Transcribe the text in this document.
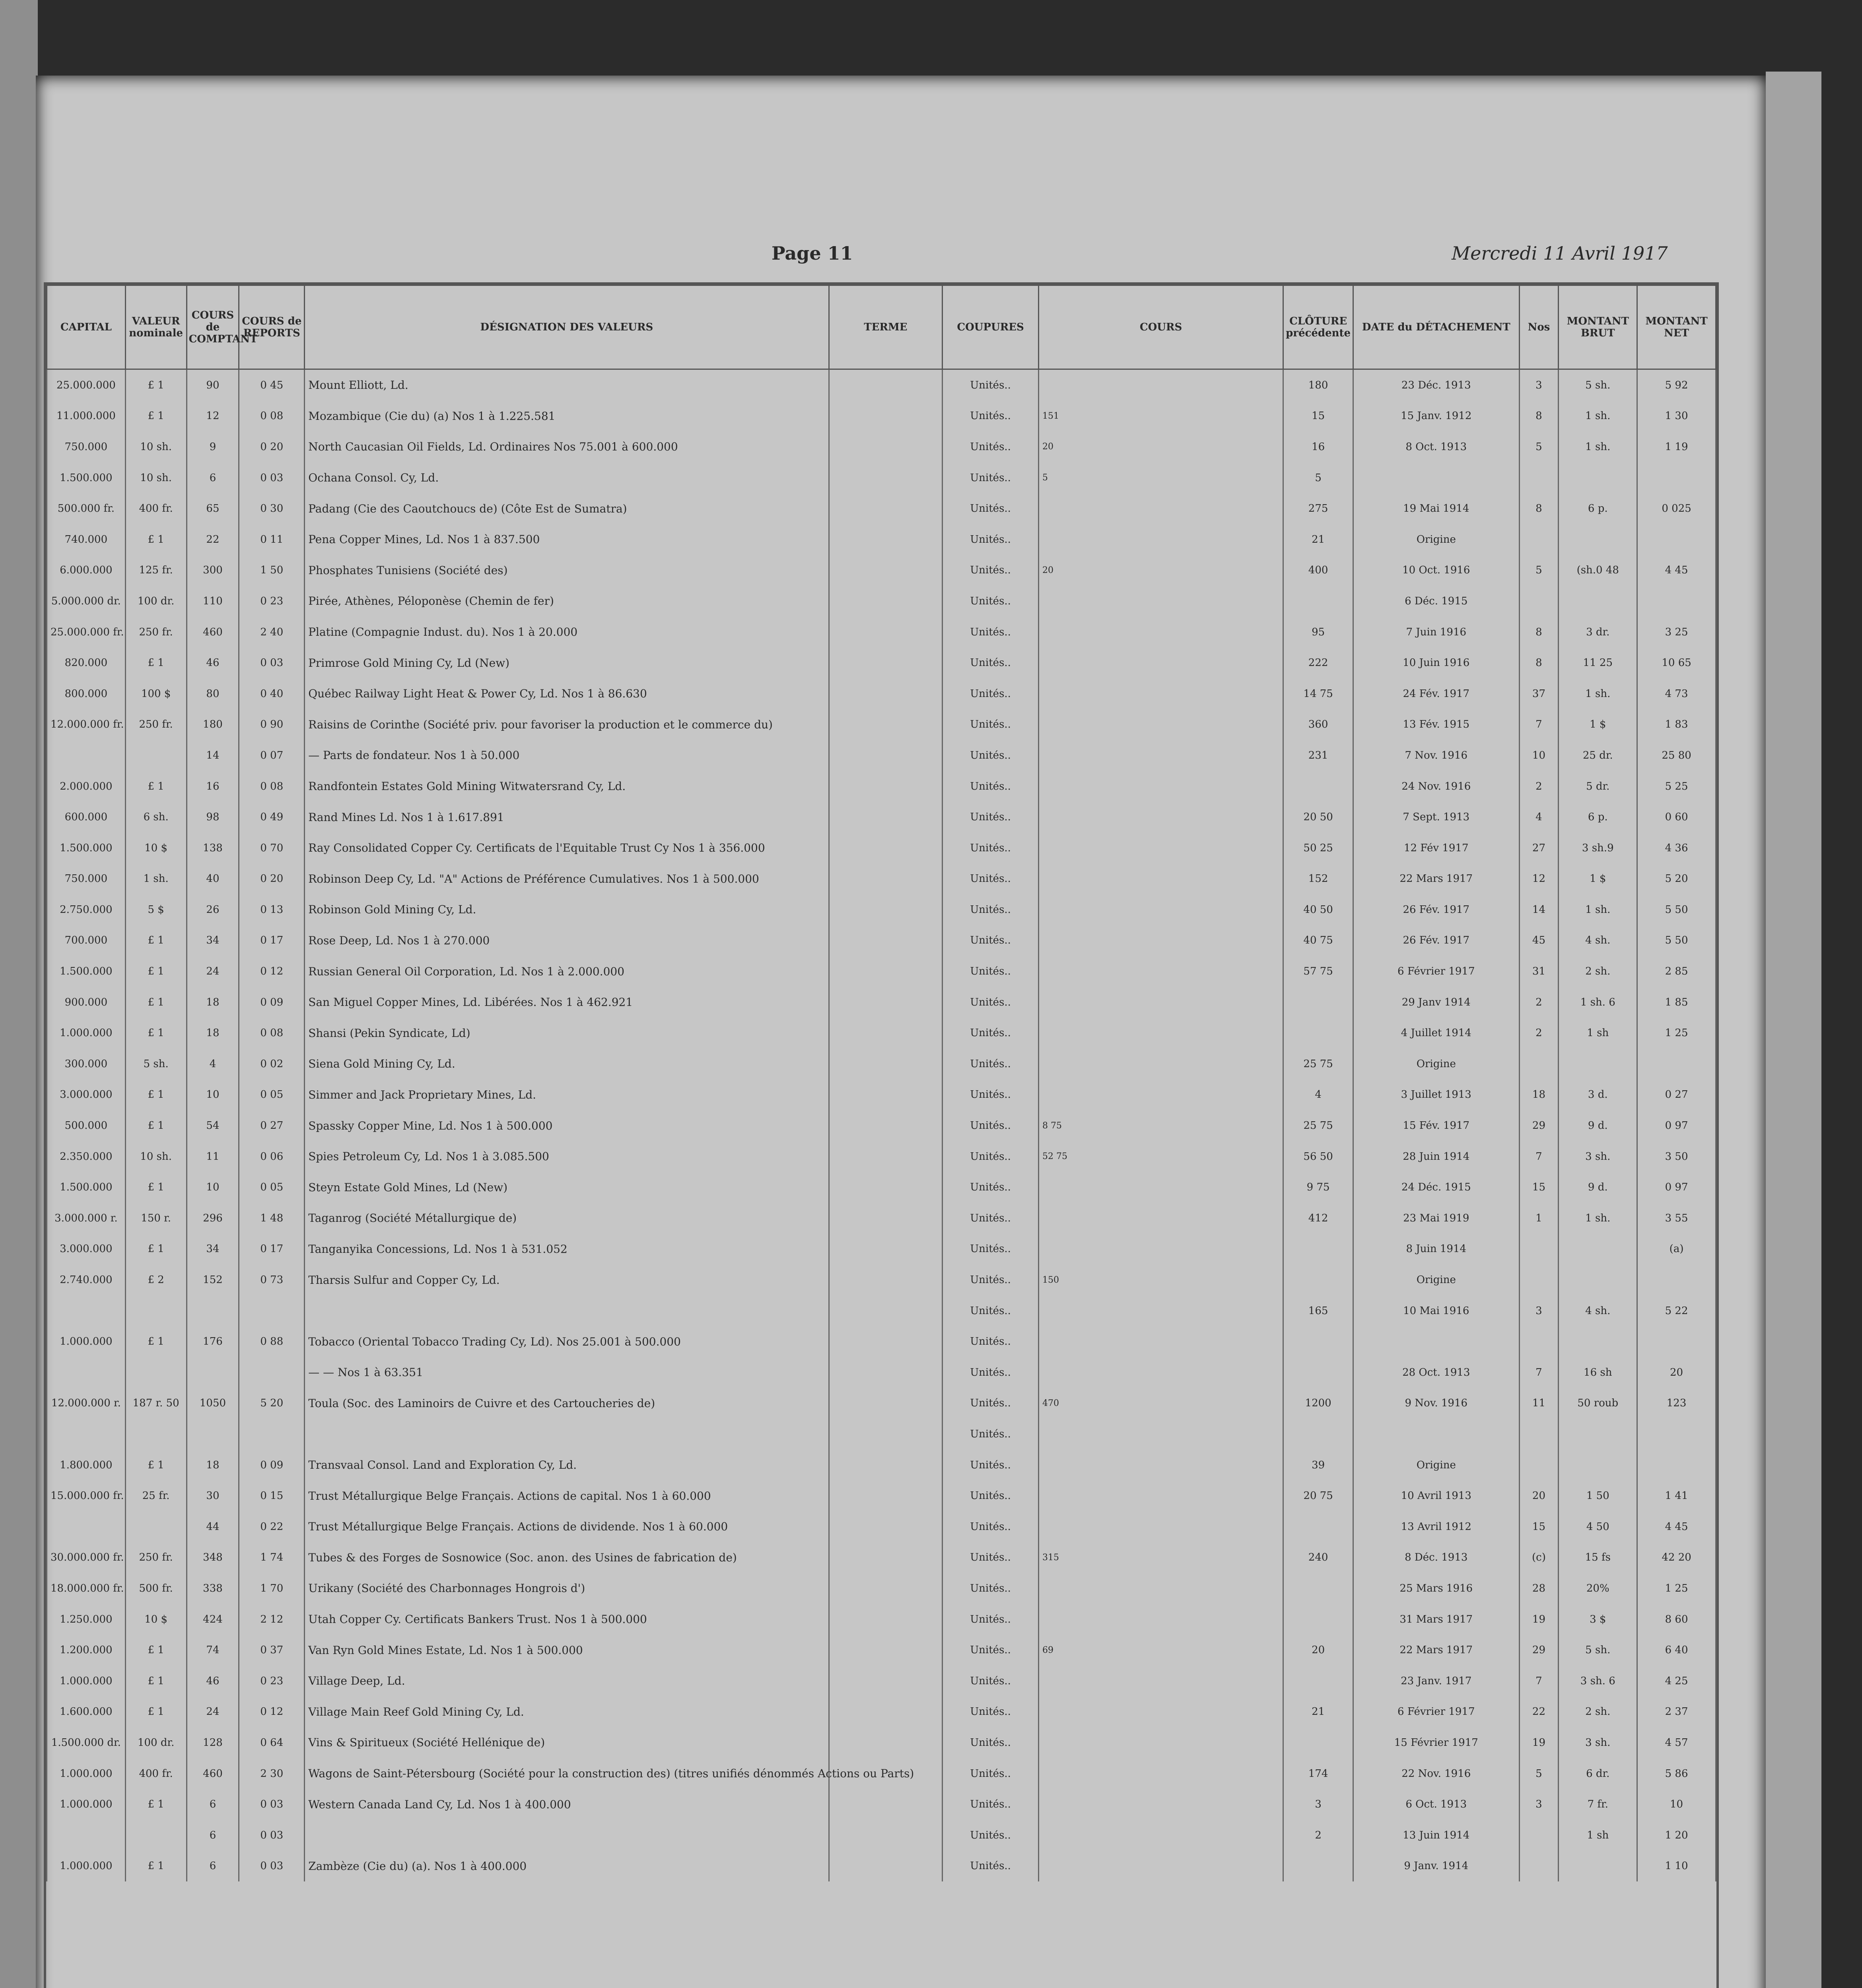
Page 11	Mercredi 11 Avril 1917
CAPITAL	VALEUR nominale	COURS de COMPTANT	COURS de REPORTS	DÉSIGNATION DES VALEURS	TERME	COUPURES	COURS	CLÔTURE précédente	DATE du DÉTACHEMENT	Nos	MONTANT BRUT	MONTANT NET
25.000.000	£ 1	90	0 45	Mount Elliott, Ld.		Unités..		180	23 Déc. 1913	3	5 sh.	5 92
11.000.000	£ 1	12	0 08	Mozambique (Cie du) (a) Nos 1 à 1.225.581		Unités..	151	15	15 Janv. 1912	8	1 sh.	1 30
750.000	10 sh.	9	0 20	North Caucasian Oil Fields, Ld. Ordinaires Nos 75.001 à 600.000		Unités..	20	16	8 Oct. 1913	5	1 sh.	1 19
1.500.000	10 sh.	6	0 03	Ochana Consol. Cy, Ld.		Unités..	5	5				
500.000 fr.	400 fr.	65	0 30	Padang (Cie des Caoutchoucs de) (Côte Est de Sumatra)		Unités..		275	19 Mai 1914	8	6 p.	0 025
740.000	£ 1	22	0 11	Pena Copper Mines, Ld. Nos 1 à 837.500		Unités..		21	Origine			
6.000.000	125 fr.	300	1 50	Phosphates Tunisiens (Société des)		Unités..	20	400	10 Oct. 1916	5	(sh.0 48	4 45
5.000.000 dr.	100 dr.	110	0 23	Pirée, Athènes, Péloponèse (Chemin de fer)		Unités..			6 Déc. 1915			
25.000.000 fr.	250 fr.	460	2 40	Platine (Compagnie Indust. du). Nos 1 à 20.000		Unités..		95	7 Juin 1916	8	3 dr.	3 25
820.000	£ 1	46	0 03	Primrose Gold Mining Cy, Ld (New)		Unités..		222	10 Juin 1916	8	11 25	10 65
800.000	100 $	80	0 40	Québec Railway Light Heat & Power Cy, Ld. Nos 1 à 86.630		Unités..		14 75	24 Fév. 1917	37	1 sh.	4 73
12.000.000 fr.	250 fr.	180	0 90	Raisins de Corinthe (Société priv. pour favoriser la production et le commerce du)		Unités..		360	13 Fév. 1915	7	1 $	1 83
		14	0 07	— Parts de fondateur. Nos 1 à 50.000		Unités..		231	7 Nov. 1916	10	25 dr.	25 80
2.000.000	£ 1	16	0 08	Randfontein Estates Gold Mining Witwatersrand Cy, Ld.		Unités..			24 Nov. 1916	2	5 dr.	5 25
600.000	6 sh.	98	0 49	Rand Mines Ld. Nos 1 à 1.617.891		Unités..		20 50	7 Sept. 1913	4	6 p.	0 60
1.500.000	10 $	138	0 70	Ray Consolidated Copper Cy. Certificats de l'Equitable Trust Cy Nos 1 à 356.000		Unités..		50 25	12 Fév 1917	27	3 sh.9	4 36
750.000	1 sh.	40	0 20	Robinson Deep Cy, Ld. "A" Actions de Préférence Cumulatives. Nos 1 à 500.000		Unités..		152	22 Mars 1917	12	1 $	5 20
2.750.000	5 $	26	0 13	Robinson Gold Mining Cy, Ld.		Unités..		40 50	26 Fév. 1917	14	1 sh.	5 50
700.000	£ 1	34	0 17	Rose Deep, Ld. Nos 1 à 270.000		Unités..		40 75	26 Fév. 1917	45	4 sh.	5 50
1.500.000	£ 1	24	0 12	Russian General Oil Corporation, Ld. Nos 1 à 2.000.000		Unités..		57 75	6 Février 1917	31	2 sh.	2 85
900.000	£ 1	18	0 09	San Miguel Copper Mines, Ld. Libérées. Nos 1 à 462.921		Unités..			29 Janv 1914	2	1 sh. 6	1 85
1.000.000	£ 1	18	0 08	Shansi (Pekin Syndicate, Ld)		Unités..			4 Juillet 1914	2	1 sh	1 25
300.000	5 sh.	4	0 02	Siena Gold Mining Cy, Ld.		Unités..		25 75	Origine			
3.000.000	£ 1	10	0 05	Simmer and Jack Proprietary Mines, Ld.		Unités..		4	3 Juillet 1913	18	3 d.	0 27
500.000	£ 1	54	0 27	Spassky Copper Mine, Ld. Nos 1 à 500.000		Unités..	8 75	25 75	15 Fév. 1917	29	9 d.	0 97
2.350.000	10 sh.	11	0 06	Spies Petroleum Cy, Ld. Nos 1 à 3.085.500		Unités..	52 75	56 50	28 Juin 1914	7	3 sh.	3 50
1.500.000	£ 1	10	0 05	Steyn Estate Gold Mines, Ld (New)		Unités..		9 75	24 Déc. 1915	15	9 d.	0 97
3.000.000 r.	150 r.	296	1 48	Taganrog (Société Métallurgique de)		Unités..		412	23 Mai 1919	1	1 sh.	3 55
3.000.000	£ 1	34	0 17	Tanganyika Concessions, Ld. Nos 1 à 531.052		Unités..			8 Juin 1914			(a)
2.740.000	£ 2	152	0 73	Tharsis Sulfur and Copper Cy, Ld.		Unités..	150		Origine			
						Unités..		165	10 Mai 1916	3	4 sh.	5 22
1.000.000	£ 1	176	0 88	Tobacco (Oriental Tobacco Trading Cy, Ld). Nos 25.001 à 500.000		Unités..						
				— — Nos 1 à 63.351		Unités..			28 Oct. 1913	7	16 sh	20
12.000.000 r.	187 r. 50	1050	5 20	Toula (Soc. des Laminoirs de Cuivre et des Cartoucheries de)		Unités..	470	1200	9 Nov. 1916	11	50 roub	123
						Unités..						
1.800.000	£ 1	18	0 09	Transvaal Consol. Land and Exploration Cy, Ld.		Unités..		39	Origine			
15.000.000 fr.	25 fr.	30	0 15	Trust Métallurgique Belge Français. Actions de capital. Nos 1 à 60.000		Unités..		20 75	10 Avril 1913	20	1 50	1 41
		44	0 22	Trust Métallurgique Belge Français. Actions de dividende. Nos 1 à 60.000		Unités..			13 Avril 1912	15	4 50	4 45
30.000.000 fr.	250 fr.	348	1 74	Tubes & des Forges de Sosnowice (Soc. anon. des Usines de fabrication de)		Unités..	315	240	8 Déc. 1913	(c)	15 fs	42 20
18.000.000 fr.	500 fr.	338	1 70	Urikany (Société des Charbonnages Hongrois d')		Unités..			25 Mars 1916	28	20%	1 25
1.250.000	10 $	424	2 12	Utah Copper Cy. Certificats Bankers Trust. Nos 1 à 500.000		Unités..			31 Mars 1917	19	3 $	8 60
1.200.000	£ 1	74	0 37	Van Ryn Gold Mines Estate, Ld. Nos 1 à 500.000		Unités..	69	20	22 Mars 1917	29	5 sh.	6 40
1.000.000	£ 1	46	0 23	Village Deep, Ld.		Unités..			23 Janv. 1917	7	3 sh. 6	4 25
1.600.000	£ 1	24	0 12	Village Main Reef Gold Mining Cy, Ld.		Unités..		21	6 Février 1917	22	2 sh.	2 37
1.500.000 dr.	100 dr.	128	0 64	Vins & Spiritueux (Société Hellénique de)		Unités..			15 Février 1917	19	3 sh.	4 57
1.000.000	400 fr.	460	2 30	Wagons de Saint-Pétersbourg (Société pour la construction des) (titres unifiés dénommés Actions ou Parts)		Unités..		174	22 Nov. 1916	5	6 dr.	5 86
1.000.000	£ 1	6	0 03	Western Canada Land Cy, Ld. Nos 1 à 400.000		Unités..		3	6 Oct. 1913	3	7 fr.	10
		6	0 03			Unités..		2	13 Juin 1914		1 sh	1 20
1.000.000	£ 1	6	0 03	Zambèze (Cie du) (a). Nos 1 à 400.000		Unités..			9 Janv. 1914			1 10
